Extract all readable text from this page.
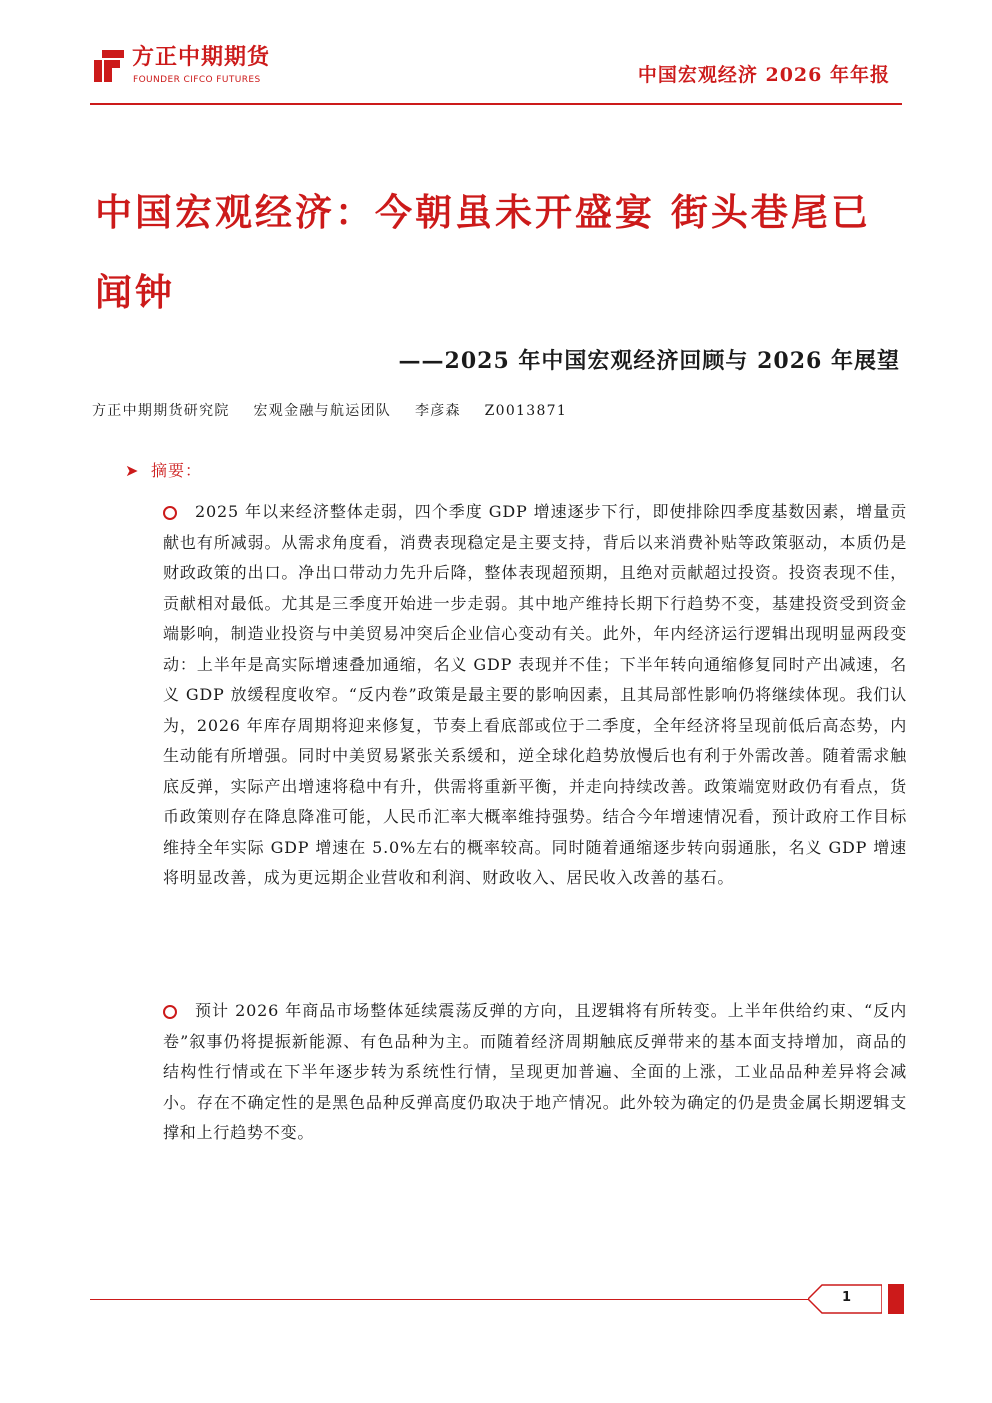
方正中期期货
FOUNDER CIFCO FUTURES	中国宏观经济 2026 年年报
中国宏观经济：今朝虽未开盛宴 街头巷尾已闻钟
——2025 年中国宏观经济回顾与 2026 年展望
方正中期期货研究院 宏观金融与航运团队 李彦森 Z0013871
➤ 摘要：
2025 年以来经济整体走弱，四个季度 GDP 增速逐步下行，即使排除四季度基数因素，增量贡献也有所减弱。从需求角度看，消费表现稳定是主要支持，背后以来消费补贴等政策驱动，本质仍是财政政策的出口。净出口带动力先升后降，整体表现超预期，且绝对贡献超过投资。投资表现不佳，贡献相对最低。尤其是三季度开始进一步走弱。其中地产维持长期下行趋势不变，基建投资受到资金端影响，制造业投资与中美贸易冲突后企业信心变动有关。此外，年内经济运行逻辑出现明显两段变动：上半年是高实际增速叠加通缩，名义 GDP 表现并不佳；下半年转向通缩修复同时产出减速，名义 GDP 放缓程度收窄。“反内卷”政策是最主要的影响因素，且其局部性影响仍将继续体现。我们认为，2026 年库存周期将迎来修复，节奏上看底部或位于二季度，全年经济将呈现前低后高态势，内生动能有所增强。同时中美贸易紧张关系缓和，逆全球化趋势放慢后也有利于外需改善。随着需求触底反弹，实际产出增速将稳中有升，供需将重新平衡，并走向持续改善。政策端宽财政仍有看点，货币政策则存在降息降准可能，人民币汇率大概率维持强势。结合今年增速情况看，预计政府工作目标维持全年实际 GDP 增速在 5.0%左右的概率较高。同时随着通缩逐步转向弱通胀，名义 GDP 增速将明显改善，成为更远期企业营收和利润、财政收入、居民收入改善的基石。
预计 2026 年商品市场整体延续震荡反弹的方向，且逻辑将有所转变。上半年供给约束、“反内卷”叙事仍将提振新能源、有色品种为主。而随着经济周期触底反弹带来的基本面支持增加，商品的结构性行情或在下半年逐步转为系统性行情，呈现更加普遍、全面的上涨，工业品品种差异将会减小。存在不确定性的是黑色品种反弹高度仍取决于地产情况。此外较为确定的仍是贵金属长期逻辑支撑和上行趋势不变。
1
